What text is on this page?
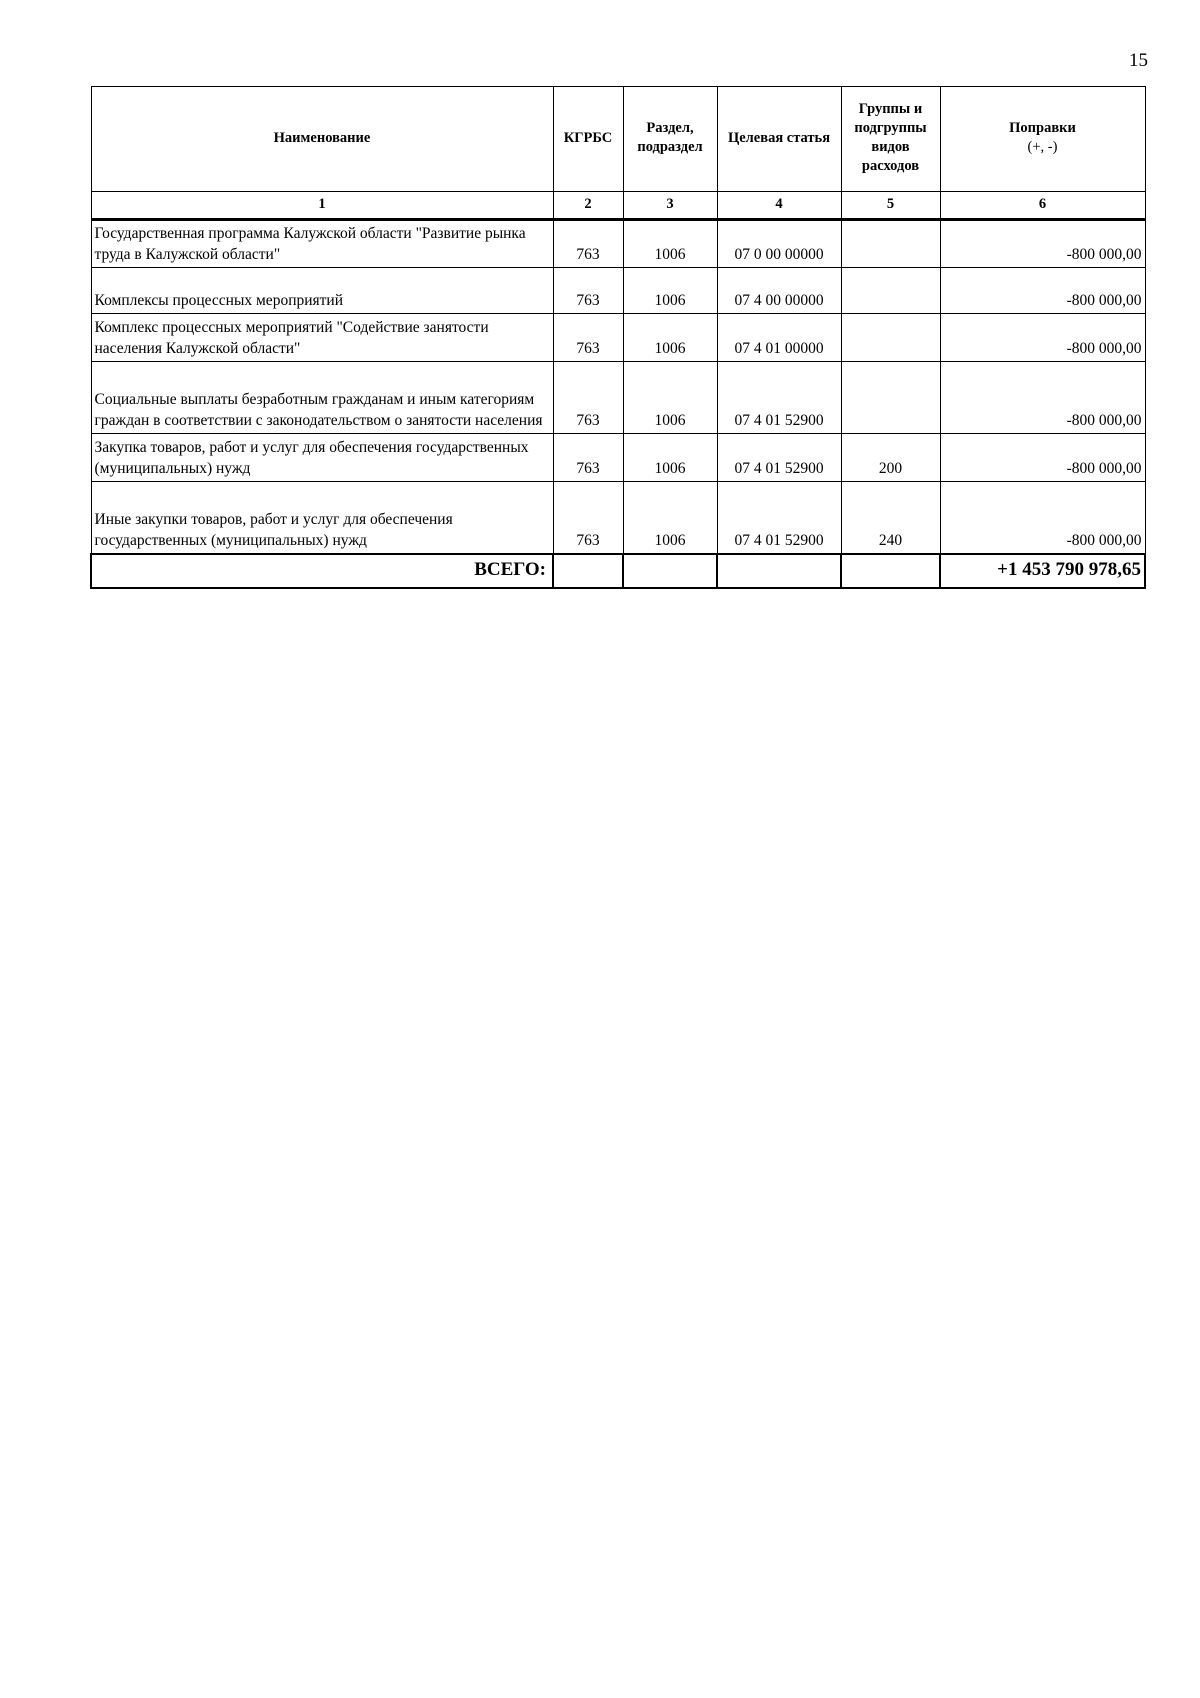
15
Наименование	КГРБС	Раздел, подраздел	Целевая статья	Группы и подгруппы видов расходов	Поправки
(+, -)
1	2	3	4	5	6
Государственная программа Калужской области "Развитие рынка труда в Калужской области"	763	1006	07 0 00 00000		-800 000,00
Комплексы процессных мероприятий	763	1006	07 4 00 00000		-800 000,00
Комплекс процессных мероприятий "Содействие занятости населения Калужской области"	763	1006	07 4 01 00000		-800 000,00
Социальные выплаты безработным гражданам и иным категориям граждан в соответствии с законодательством о занятости населения	763	1006	07 4 01 52900		-800 000,00
Закупка товаров, работ и услуг для обеспечения государственных (муниципальных) нужд	763	1006	07 4 01 52900	200	-800 000,00
Иные закупки товаров, работ и услуг для обеспечения государственных (муниципальных) нужд	763	1006	07 4 01 52900	240	-800 000,00
ВСЕГО:					+1 453 790 978,65
